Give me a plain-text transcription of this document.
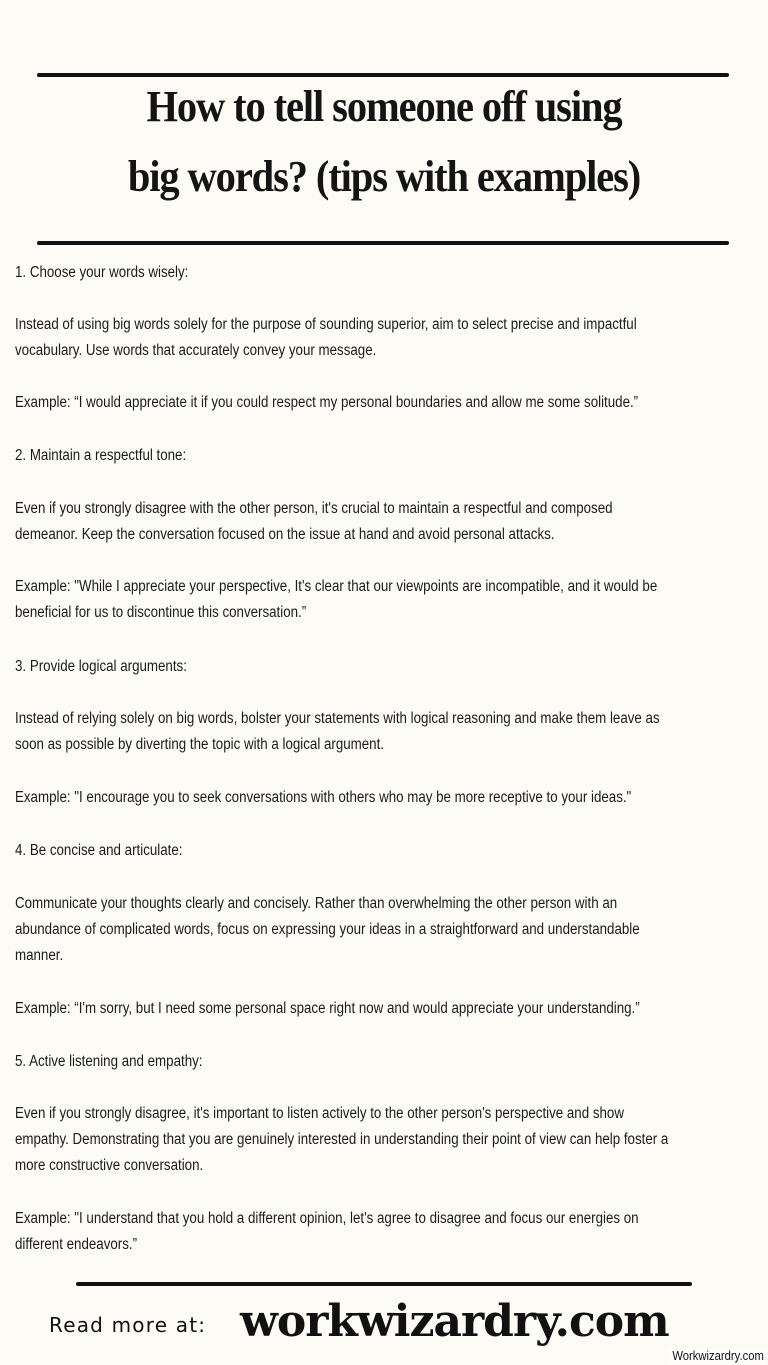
How to tell someone off using
big words? (tips with examples)

1. Choose your words wisely:

Instead of using big words solely for the purpose of sounding superior, aim to select precise and impactful

vocabulary. Use words that accurately convey your message.

Example: “I would appreciate it if you could respect my personal boundaries and allow me some solitude.”

2. Maintain a respectful tone:

Even if you strongly disagree with the other person, it's crucial to maintain a respectful and composed

demeanor. Keep the conversation focused on the issue at hand and avoid personal attacks.

Example: "While I appreciate your perspective, It's clear that our viewpoints are incompatible, and it would be

beneficial for us to discontinue this conversation.”

3. Provide logical arguments:

Instead of relying solely on big words, bolster your statements with logical reasoning and make them leave as

soon as possible by diverting the topic with a logical argument.

Example: "I encourage you to seek conversations with others who may be more receptive to your ideas."

4. Be concise and articulate:

Communicate your thoughts clearly and concisely. Rather than overwhelming the other person with an

abundance of complicated words, focus on expressing your ideas in a straightforward and understandable

manner.

Example: “I'm sorry, but I need some personal space right now and would appreciate your understanding.”

5. Active listening and empathy:

Even if you strongly disagree, it's important to listen actively to the other person's perspective and show

empathy. Demonstrating that you are genuinely interested in understanding their point of view can help foster a

more constructive conversation.

Example: "I understand that you hold a different opinion, let's agree to disagree and focus our energies on

different endeavors.”

Read more at: workwizardry.com
Workwizardry.com
